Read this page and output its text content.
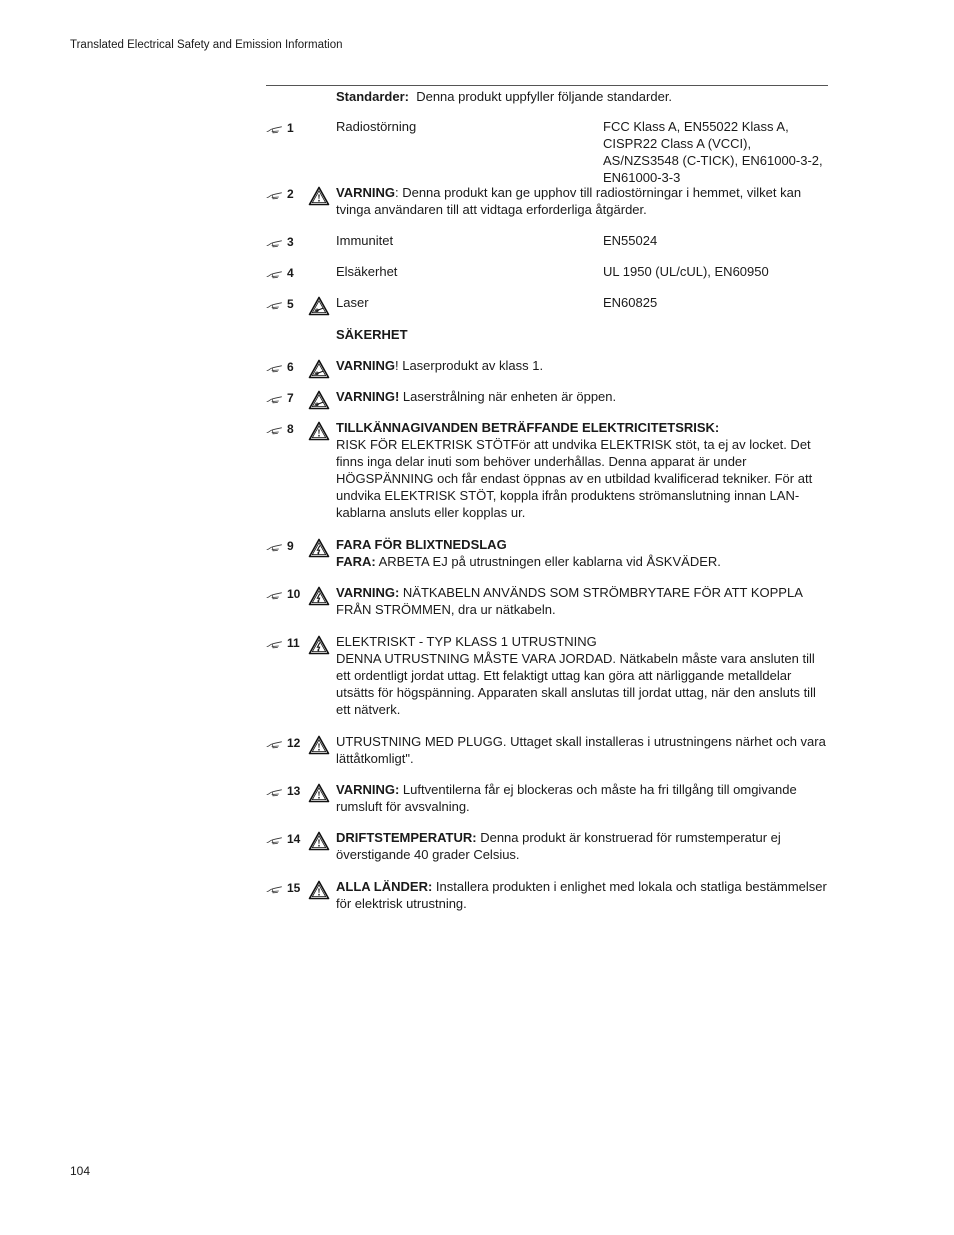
Translated Electrical Safety and Emission Information
Standarder: Denna produkt uppfyller följande standarder.
1	Radiostörning	FCC Klass A, EN55022 Klass A, CISPR22 Class A (VCCI), AS/NZS3548 (C-TICK), EN61000-3-2, EN61000-3-3
2	VARNING: Denna produkt kan ge upphov till radiostörningar i hemmet, vilket kan tvinga användaren till att vidtaga erforderliga åtgärder.
3	Immunitet	EN55024
4	Elsäkerhet	UL 1950 (UL/cUL), EN60950
5	Laser	EN60825
SÄKERHET
6	VARNING! Laserprodukt av klass 1.
7	VARNING! Laserstrålning när enheten är öppen.
8	TILLKÄNNAGIVANDEN BETRÄFFANDE ELEKTRICITETSRISK:
RISK FÖR ELEKTRISK STÖTFör att undvika ELEKTRISK stöt, ta ej av locket. Det finns inga delar inuti som behöver underhållas. Denna apparat är under HÖGSPÄNNING och får endast öppnas av en utbildad kvalificerad tekniker. För att undvika ELEKTRISK STÖT, koppla ifrån produktens strömanslutning innan LAN-kablarna ansluts eller kopplas ur.
9	FARA FÖR BLIXTNEDSLAG
FARA: ARBETA EJ på utrustningen eller kablarna vid ÅSKVÄDER.
10	VARNING: NÄTKABELN ANVÄNDS SOM STRÖMBRYTARE FÖR ATT KOPPLA FRÅN STRÖMMEN, dra ur nätkabeln.
11	ELEKTRISKT - TYP KLASS 1 UTRUSTNING
DENNA UTRUSTNING MÅSTE VARA JORDAD. Nätkabeln måste vara ansluten till ett ordentligt jordat uttag. Ett felaktigt uttag kan göra att närliggande metalldelar utsätts för högspänning. Apparaten skall anslutas till jordat uttag, när den ansluts till ett nätverk.
12	UTRUSTNING MED PLUGG. Uttaget skall installeras i utrustningens närhet och vara lättåtkomligt".
13	VARNING: Luftventilerna får ej blockeras och måste ha fri tillgång till omgivande rumsluft för avsvalning.
14	DRIFTSTEMPERATUR: Denna produkt är konstruerad för rumstemperatur ej överstigande 40 grader Celsius.
15	ALLA LÄNDER: Installera produkten i enlighet med lokala och statliga bestämmelser för elektrisk utrustning.
104
